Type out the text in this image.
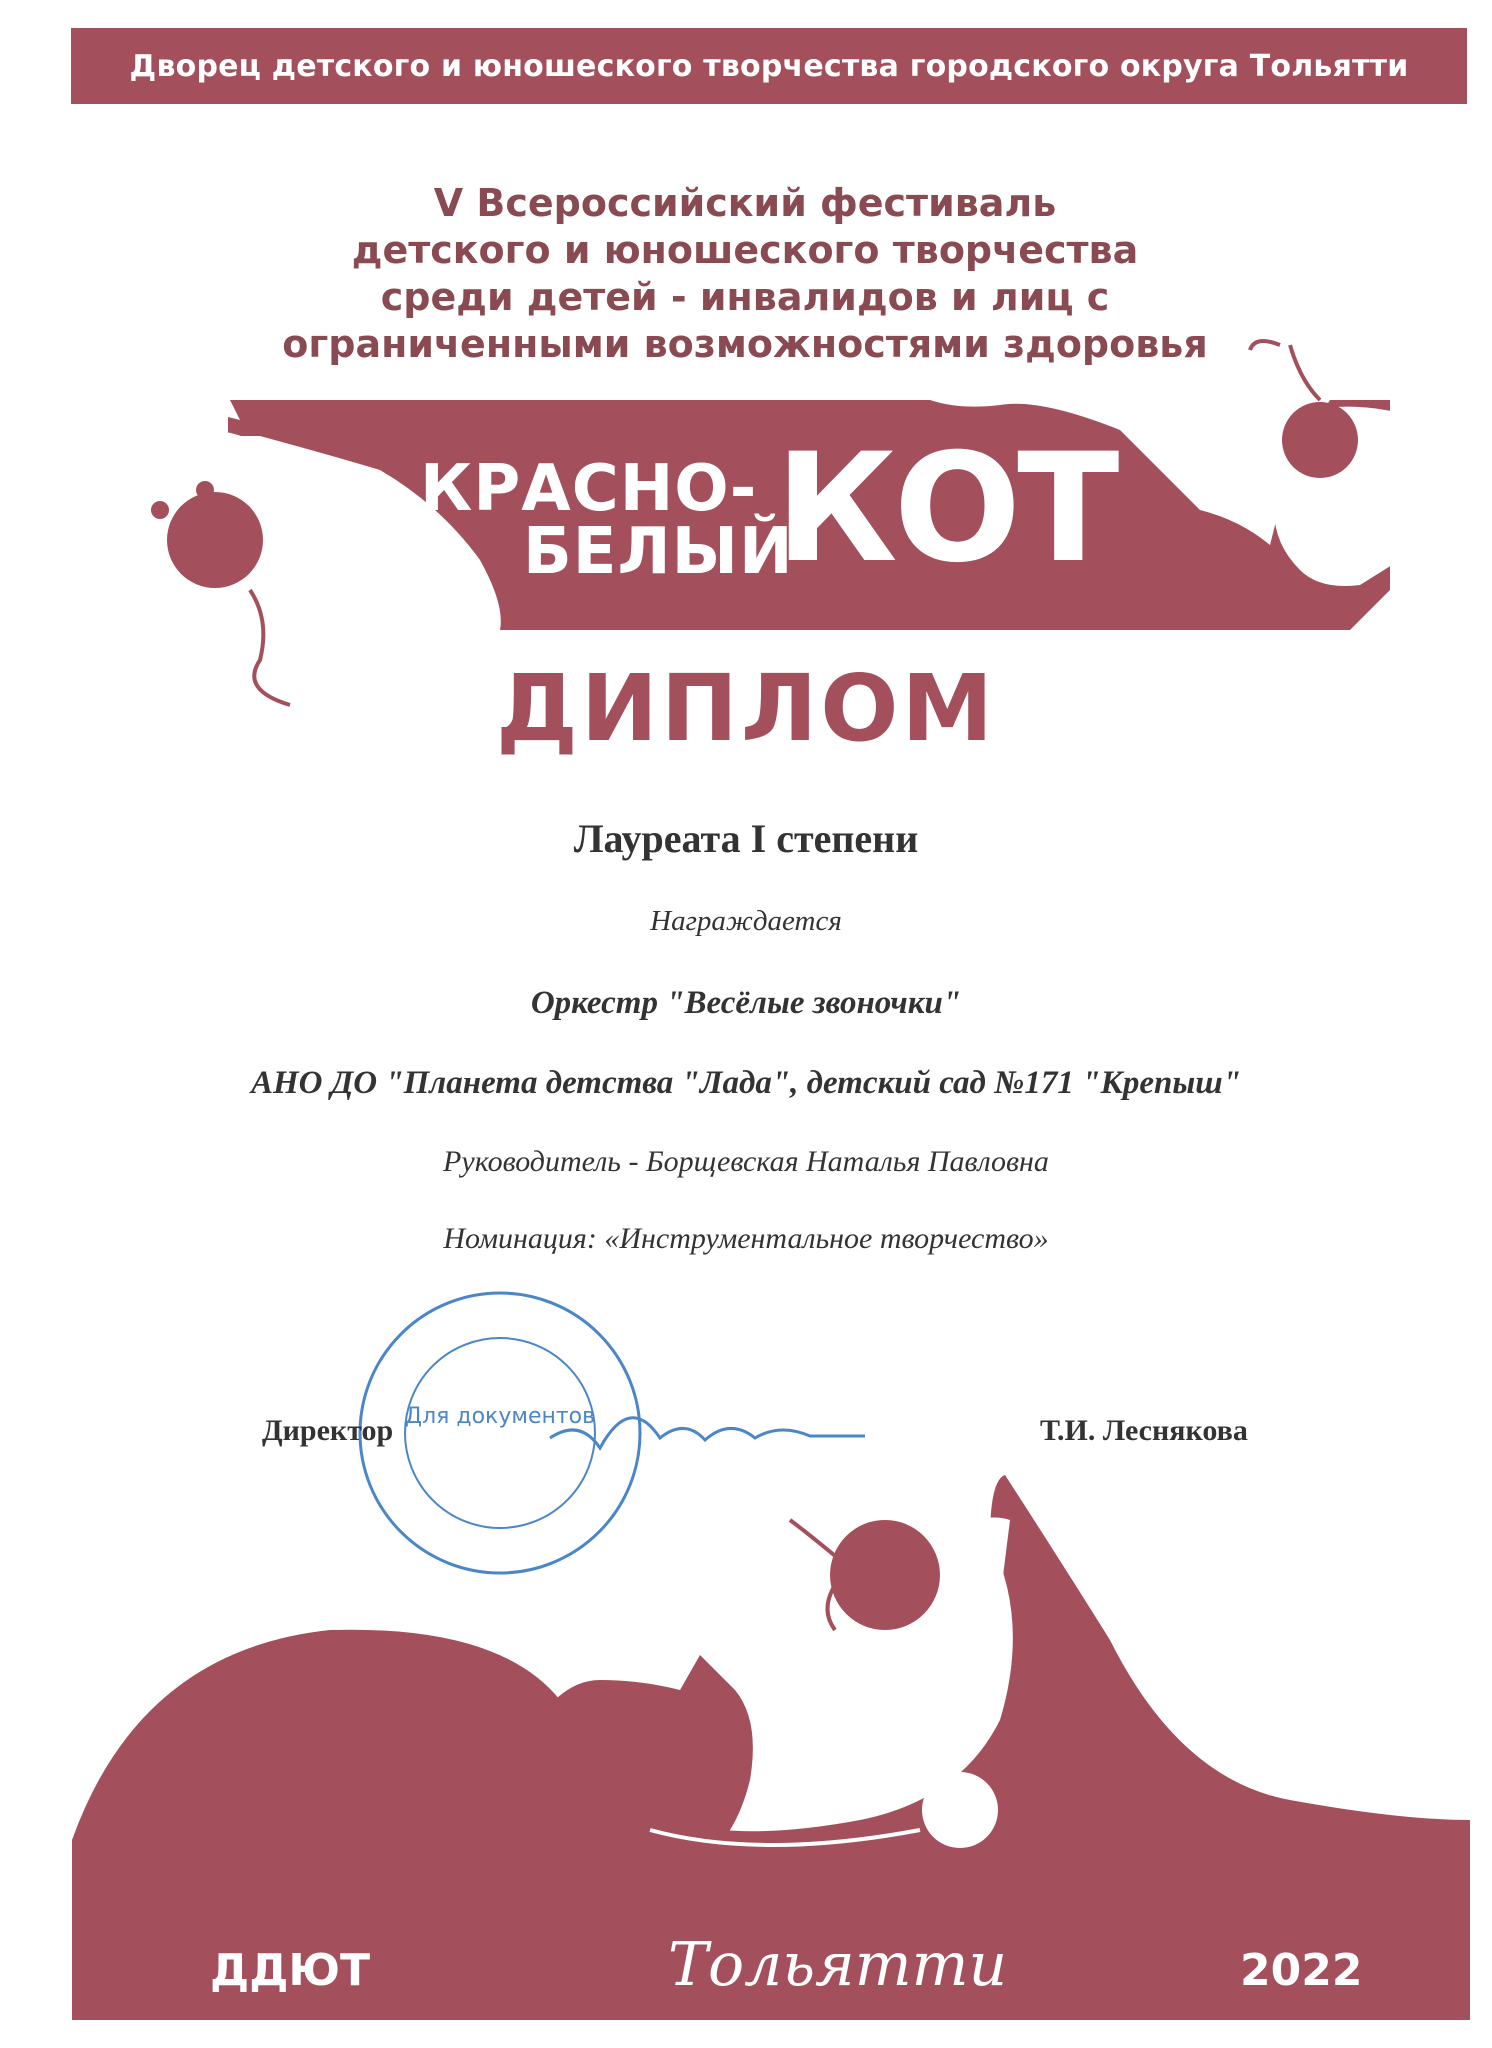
Дворец детского и юношеского творчества городского округа Тольятти
V Всероссийский фестиваль
детского и юношеского творчества
среди детей - инвалидов и лиц с
ограниченными возможностями здоровья
КРАСНО-
БЕЛЫЙ
КОТ
ДИПЛОМ
Лауреата I степени
Награждается
Оркестр "Весёлые звоночки"
АНО ДО "Планета детства "Лада", детский сад №171 "Крепыш"
Руководитель - Борщевская Наталья Павловна
Номинация: «Инструментальное творчество»
Для документов
Директор	Т.И. Леснякова
ДДЮТ	Тольятти	2022
